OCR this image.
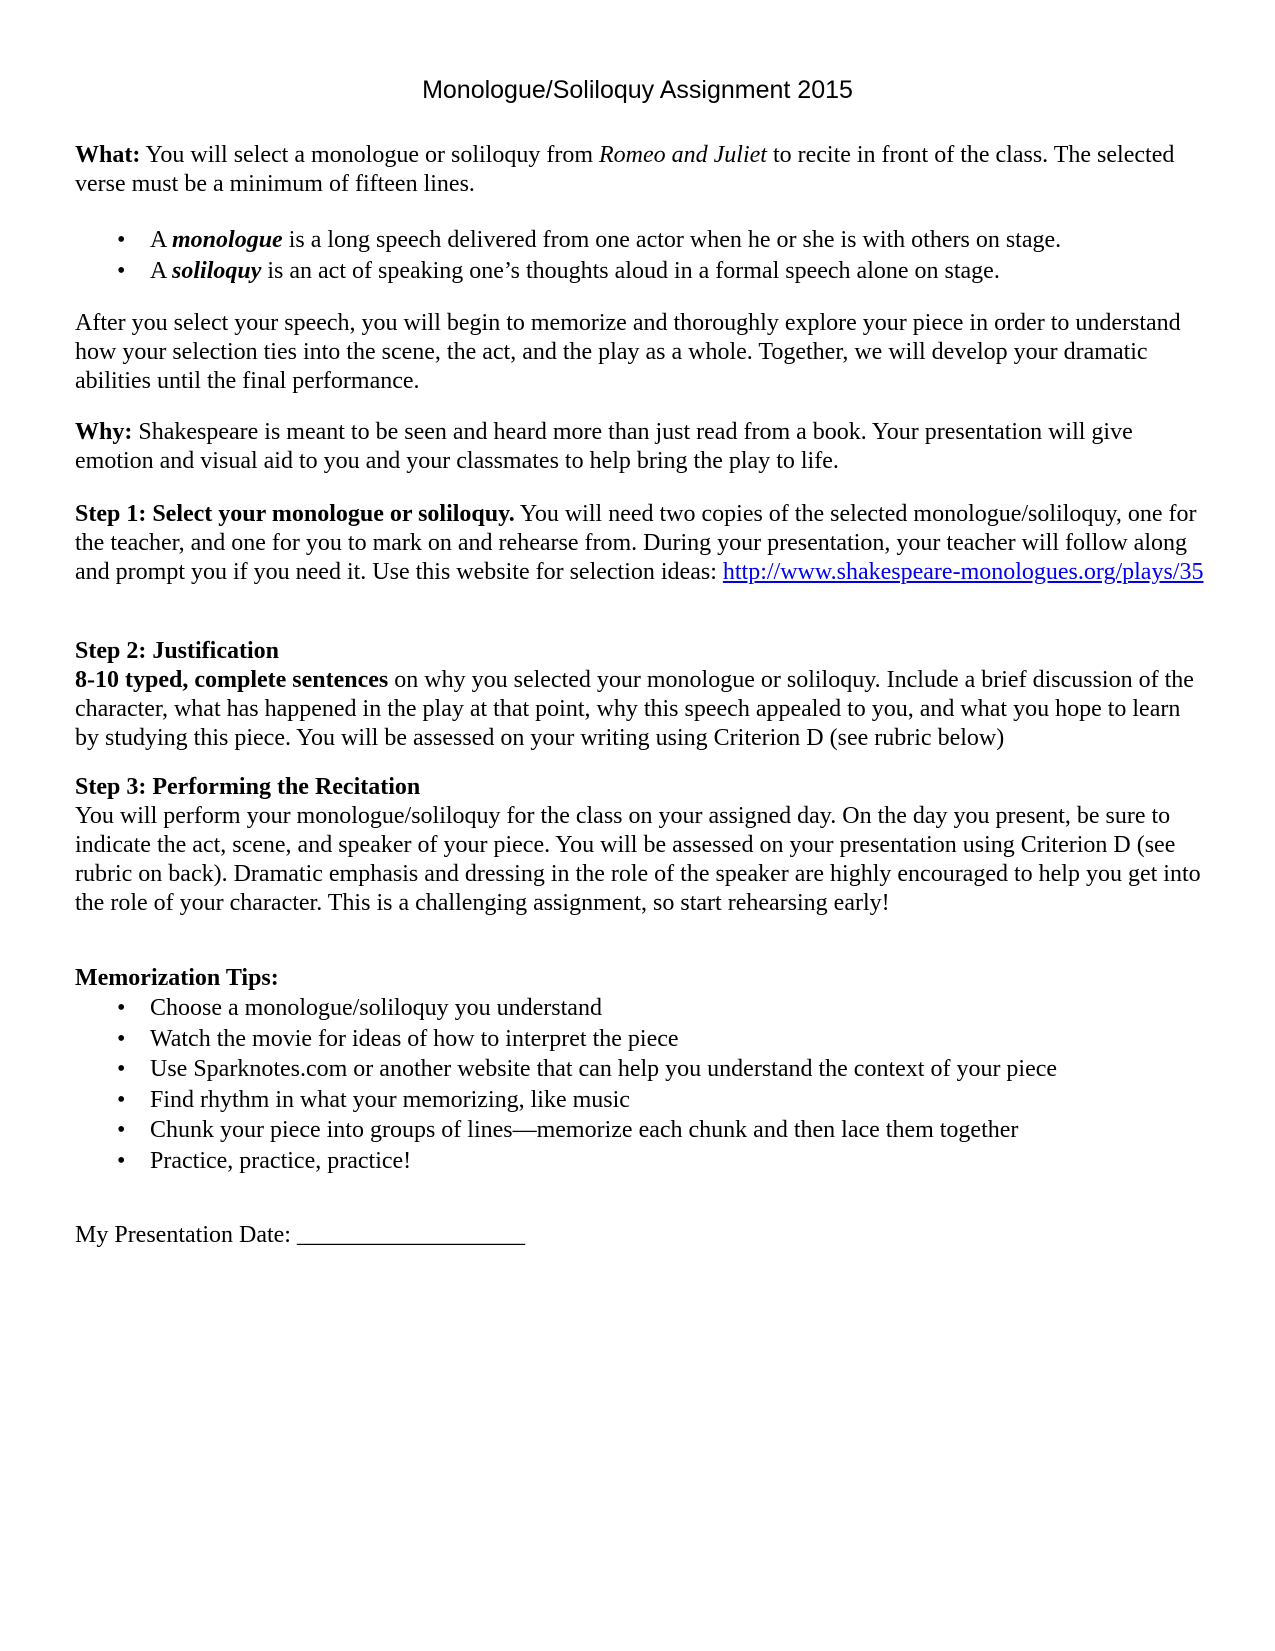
Monologue/Soliloquy Assignment 2015

What: You will select a monologue or soliloquy from Romeo and Juliet to recite in front of the class. The selected verse must be a minimum of fifteen lines.

• A monologue is a long speech delivered from one actor when he or she is with others on stage.
• A soliloquy is an act of speaking one’s thoughts aloud in a formal speech alone on stage.

After you select your speech, you will begin to memorize and thoroughly explore your piece in order to understand how your selection ties into the scene, the act, and the play as a whole. Together, we will develop your dramatic abilities until the final performance.

Why: Shakespeare is meant to be seen and heard more than just read from a book. Your presentation will give emotion and visual aid to you and your classmates to help bring the play to life.

Step 1: Select your monologue or soliloquy. You will need two copies of the selected monologue/soliloquy, one for the teacher, and one for you to mark on and rehearse from. During your presentation, your teacher will follow along and prompt you if you need it. Use this website for selection ideas: http://www.shakespeare-monologues.org/plays/35

Step 2: Justification

8-10 typed, complete sentences on why you selected your monologue or soliloquy. Include a brief discussion of the character, what has happened in the play at that point, why this speech appealed to you, and what you hope to learn by studying this piece. You will be assessed on your writing using Criterion D (see rubric below)

Step 3: Performing the Recitation

You will perform your monologue/soliloquy for the class on your assigned day. On the day you present, be sure to indicate the act, scene, and speaker of your piece. You will be assessed on your presentation using Criterion D (see rubric on back). Dramatic emphasis and dressing in the role of the speaker are highly encouraged to help you get into the role of your character. This is a challenging assignment, so start rehearsing early!

Memorization Tips:

• Choose a monologue/soliloquy you understand
• Watch the movie for ideas of how to interpret the piece
• Use Sparknotes.com or another website that can help you understand the context of your piece
• Find rhythm in what your memorizing, like music
• Chunk your piece into groups of lines—memorize each chunk and then lace them together
• Practice, practice, practice!

My Presentation Date: ___________________
